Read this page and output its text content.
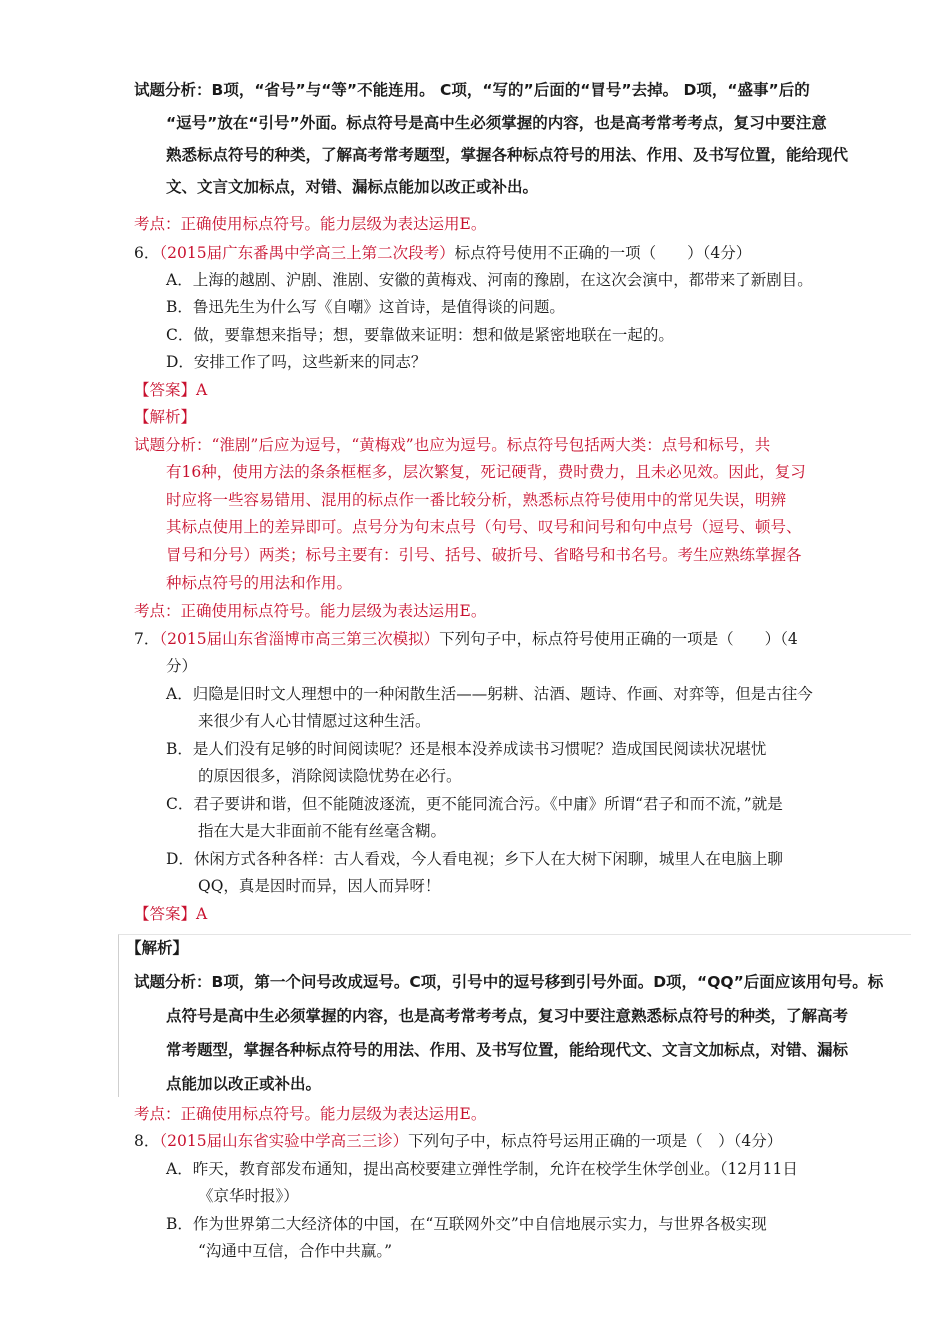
试题分析：B项，“省号”与“等”不能连用。 C项，“写的”后面的“冒号”去掉。 D项，“盛事”后的
“逗号”放在“引号”外面。标点符号是高中生必须掌握的内容，也是高考常考考点，复习中要注意
熟悉标点符号的种类，了解高考常考题型，掌握各种标点符号的用法、作用、及书写位置，能给现代
文、文言文加标点，对错、漏标点能加以改正或补出。
考点：正确使用标点符号。能力层级为表达运用E。
6．（2015届广东番禺中学高三上第二次段考）标点符号使用不正确的一项（　　）（4分）
A．上海的越剧、沪剧、淮剧、安徽的黄梅戏、河南的豫剧，在这次会演中，都带来了新剧目。
B．鲁迅先生为什么写《自嘲》这首诗，是值得谈的问题。
C．做，要靠想来指导；想，要靠做来证明：想和做是紧密地联在一起的。
D．安排工作了吗，这些新来的同志？
【答案】A
【解析】
试题分析：“淮剧”后应为逗号，“黄梅戏”也应为逗号。标点符号包括两大类：点号和标号，共
有16种，使用方法的条条框框多，层次繁复，死记硬背，费时费力，且未必见效。因此，复习
时应将一些容易错用、混用的标点作一番比较分析，熟悉标点符号使用中的常见失误，明辨
其标点使用上的差异即可。点号分为句末点号（句号、叹号和问号和句中点号（逗号、顿号、
冒号和分号）两类；标号主要有：引号、括号、破折号、省略号和书名号。考生应熟练掌握各
种标点符号的用法和作用。
考点：正确使用标点符号。能力层级为表达运用E。
7．（2015届山东省淄博市高三第三次模拟）下列句子中，标点符号使用正确的一项是（　　）（4
分）
A．归隐是旧时文人理想中的一种闲散生活——躬耕、沽酒、题诗、作画、对弈等，但是古往今
来很少有人心甘情愿过这种生活。
B．是人们没有足够的时间阅读呢？还是根本没养成读书习惯呢？造成国民阅读状况堪忧
的原因很多，消除阅读隐忧势在必行。
C．君子要讲和谐，但不能随波逐流，更不能同流合污。《中庸》所谓“君子和而不流，”就是
指在大是大非面前不能有丝毫含糊。
D．休闲方式各种各样：古人看戏，今人看电视；乡下人在大树下闲聊，城里人在电脑上聊
QQ，真是因时而异，因人而异呀！
【答案】A
【解析】
试题分析：B项，第一个问号改成逗号。C项，引号中的逗号移到引号外面。D项，“QQ”后面应该用句号。标
点符号是高中生必须掌握的内容，也是高考常考考点，复习中要注意熟悉标点符号的种类，了解高考
常考题型，掌握各种标点符号的用法、作用、及书写位置，能给现代文、文言文加标点，对错、漏标
点能加以改正或补出。
考点：正确使用标点符号。能力层级为表达运用E。
8．（2015届山东省实验中学高三三诊）下列句子中，标点符号运用正确的一项是（　）（4分）
A．昨天，教育部发布通知，提出高校要建立弹性学制，允许在校学生休学创业。（12月11日
《京华时报》）
B．作为世界第二大经济体的中国，在“互联网外交”中自信地展示实力，与世界各极实现
“沟通中互信，合作中共赢。”
